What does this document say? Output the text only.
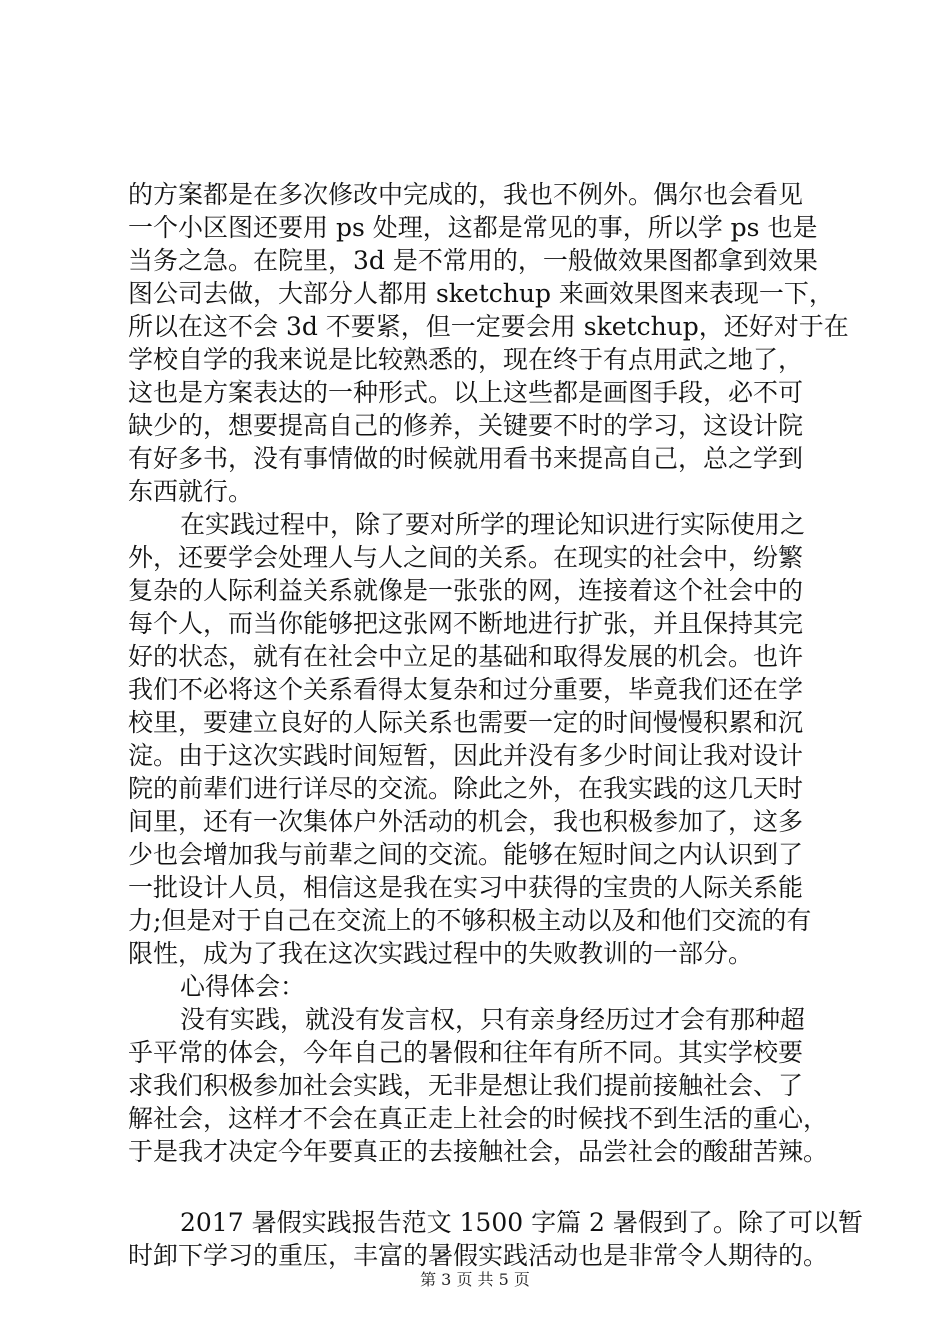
的方案都是在多次修改中完成的，我也不例外。偶尔也会看见
一个小区图还要用 ps 处理，这都是常见的事，所以学 ps 也是
当务之急。在院里，3d 是不常用的，一般做效果图都拿到效果
图公司去做，大部分人都用 sketchup 来画效果图来表现一下，
所以在这不会 3d 不要紧，但一定要会用 sketchup，还好对于在
学校自学的我来说是比较熟悉的，现在终于有点用武之地了，
这也是方案表达的一种形式。以上这些都是画图手段，必不可
缺少的，想要提高自己的修养，关键要不时的学习，这设计院
有好多书，没有事情做的时候就用看书来提高自己，总之学到
东西就行。
在实践过程中，除了要对所学的理论知识进行实际使用之
外，还要学会处理人与人之间的关系。在现实的社会中，纷繁
复杂的人际利益关系就像是一张张的网，连接着这个社会中的
每个人，而当你能够把这张网不断地进行扩张，并且保持其完
好的状态，就有在社会中立足的基础和取得发展的机会。也许
我们不必将这个关系看得太复杂和过分重要，毕竟我们还在学
校里，要建立良好的人际关系也需要一定的时间慢慢积累和沉
淀。由于这次实践时间短暂，因此并没有多少时间让我对设计
院的前辈们进行详尽的交流。除此之外，在我实践的这几天时
间里，还有一次集体户外活动的机会，我也积极参加了，这多
少也会增加我与前辈之间的交流。能够在短时间之内认识到了
一批设计人员，相信这是我在实习中获得的宝贵的人际关系能
力;但是对于自己在交流上的不够积极主动以及和他们交流的有
限性，成为了我在这次实践过程中的失败教训的一部分。
心得体会：
没有实践，就没有发言权，只有亲身经历过才会有那种超
乎平常的体会，今年自己的暑假和往年有所不同。其实学校要
求我们积极参加社会实践，无非是想让我们提前接触社会、了
解社会，这样才不会在真正走上社会的时候找不到生活的重心，
于是我才决定今年要真正的去接触社会，品尝社会的酸甜苦辣。
2017 暑假实践报告范文 1500 字篇 2 暑假到了。除了可以暂
时卸下学习的重压，丰富的暑假实践活动也是非常令人期待的。
第 3 页 共 5 页
